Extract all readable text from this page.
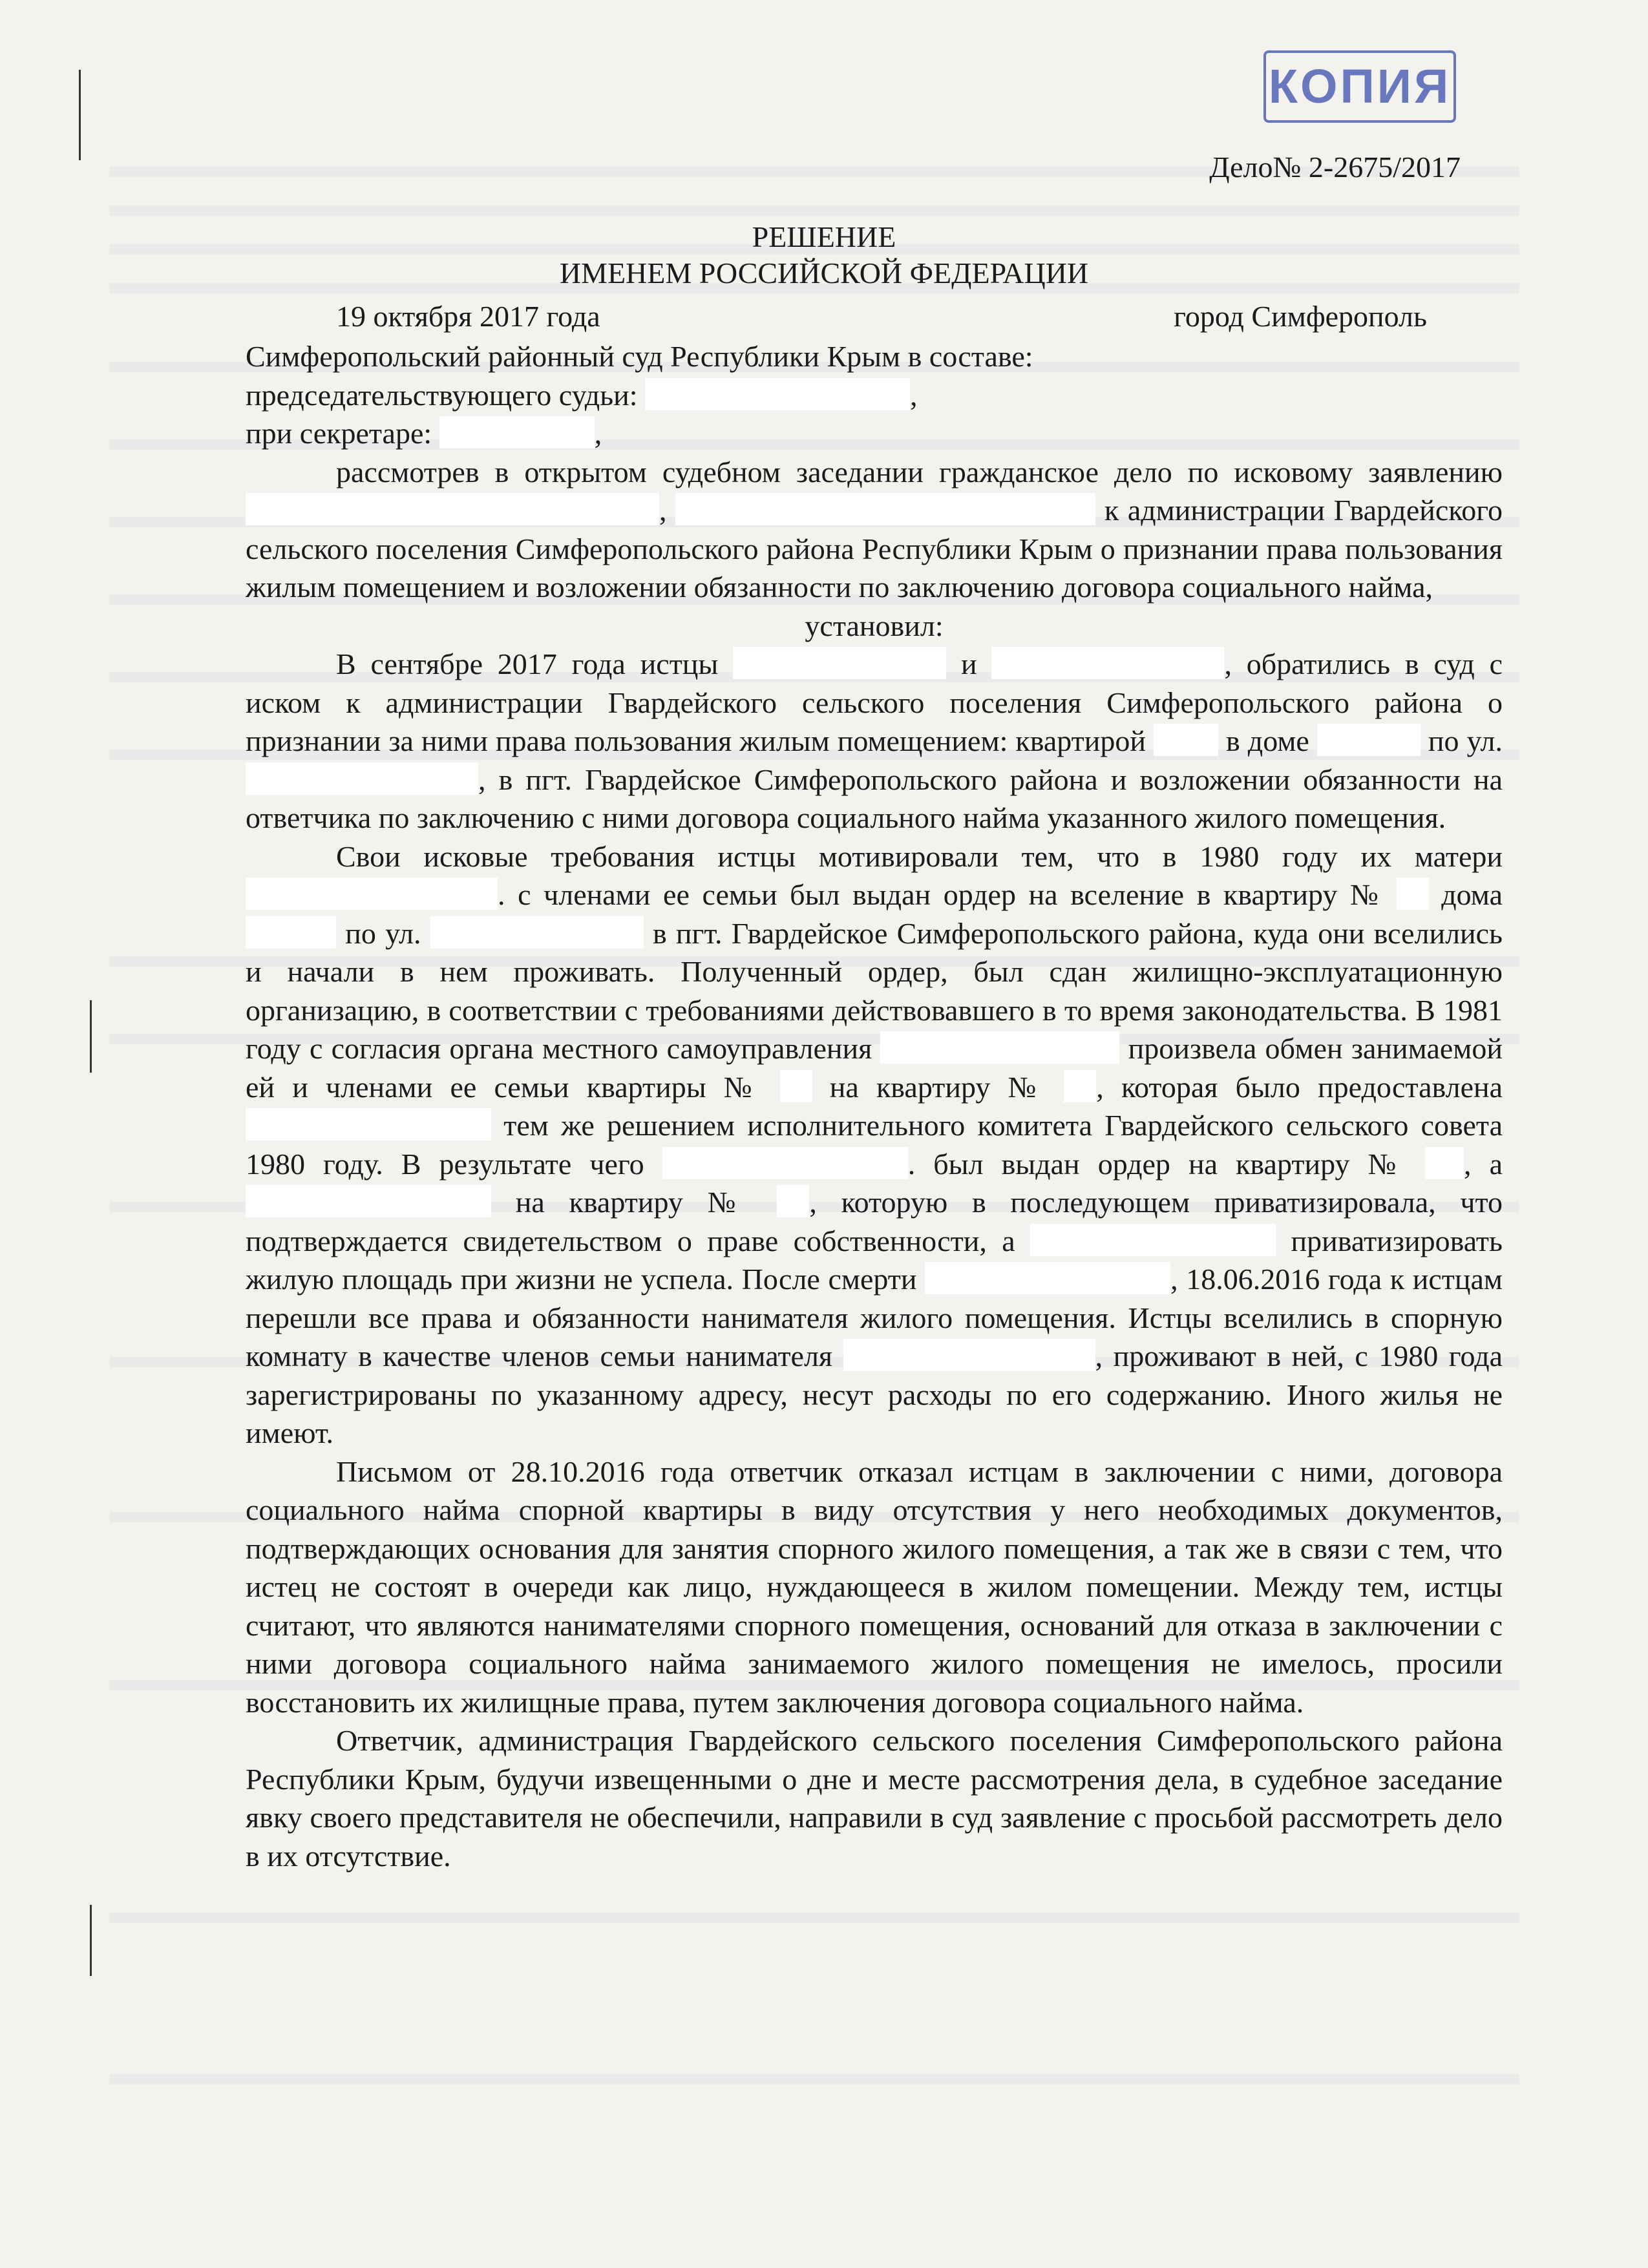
КОПИЯ
Дело№ 2-2675/2017
РЕШЕНИЕ
ИМЕНЕМ РОССИЙСКОЙ ФЕДЕРАЦИИ
19 октября 2017 года	город Симферополь

Симферопольский районный суд Республики Крым в составе:

председательствующего судьи:	,

при секретаре:	,

рассмотрев в открытом судебном заседании гражданское дело по исковому заявлению ,	к администрации Гвардейского сельского поселения Симферопольского района Республики Крым о признании права пользования жилым помещением и возложении обязанности по заключению договора социального найма,

установил:

В сентябре 2017 года истцы	и	, обратились в суд с иском к администрации Гвардейского сельского поселения Симферопольского района о признании за ними права пользования жилым помещением: квартирой	в доме	по ул. , в пгт. Гвардейское Симферопольского района и возложении обязанности на ответчика по заключению с ними договора социального найма указанного жилого помещения.

Свои исковые требования истцы мотивировали тем, что в 1980 году их матери . с членами ее семьи был выдан ордер на вселение в квартиру № дома  по ул.	в пгт. Гвардейское Симферопольского района, куда они вселились и начали в нем проживать. Полученный ордер, был сдан жилищно-эксплуатационную организацию, в соответствии с требованиями действовавшего в то время законодательства. В 1981 году с согласия органа местного самоуправления	произвела обмен занимаемой ей и членами ее семьи квартиры № на квартиру № , которая было предоставлена  тем же решением исполнительного комитета Гвардейского сельского совета 1980 году. В результате чего	. был выдан ордер на квартиру № , а  на квартиру № , которую в последующем приватизировала, что подтверждается свидетельством о праве собственности, а	приватизировать жилую площадь при жизни не успела. После смерти	, 18.06.2016 года к истцам перешли все права и обязанности нанимателя жилого помещения. Истцы вселились в спорную комнату в качестве членов семьи нанимателя	, проживают в ней, с 1980 года зарегистрированы по указанному адресу, несут расходы по его содержанию. Иного жилья не имеют.

Письмом от 28.10.2016 года ответчик отказал истцам в заключении с ними, договора социального найма спорной квартиры в виду отсутствия у него необходимых документов, подтверждающих основания для занятия спорного жилого помещения, а так же в связи с тем, что истец не состоят в очереди как лицо, нуждающееся в жилом помещении. Между тем, истцы считают, что являются нанимателями спорного помещения, оснований для отказа в заключении с ними договора социального найма занимаемого жилого помещения не имелось, просили восстановить их жилищные права, путем заключения договора социального найма.

Ответчик, администрация Гвардейского сельского поселения Симферопольского района Республики Крым, будучи извещенными о дне и месте рассмотрения дела, в судебное заседание явку своего представителя не обеспечили, направили в суд заявление с просьбой рассмотреть дело в их отсутствие.
